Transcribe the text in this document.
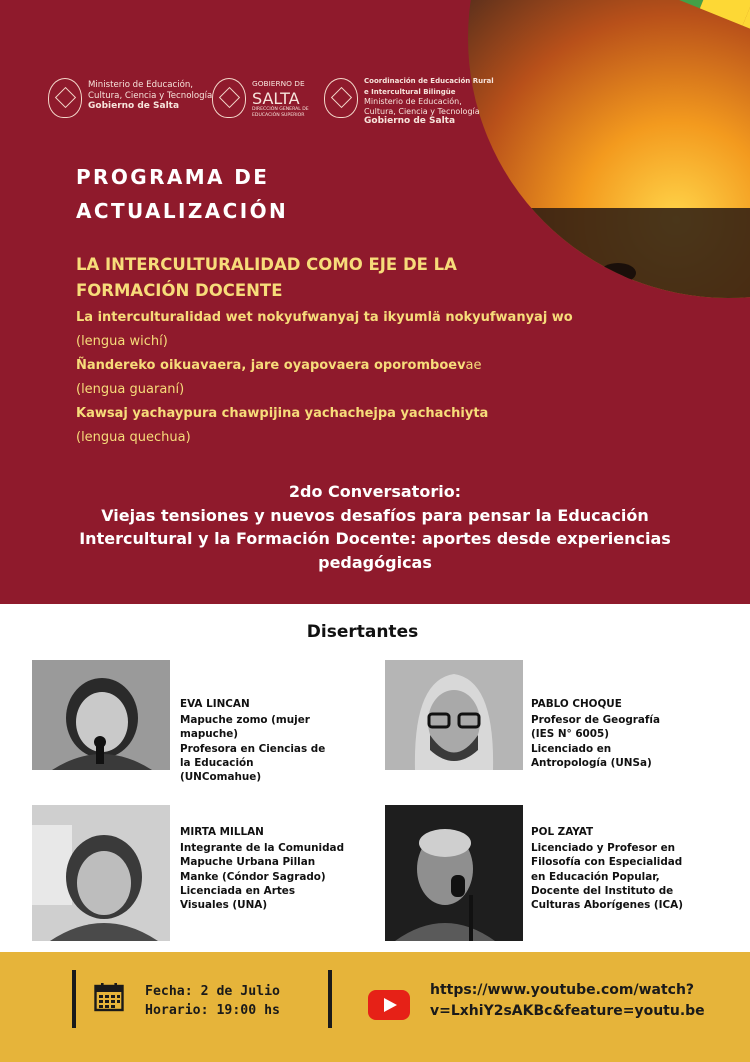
Ministerio de Educación,
Cultura, Ciencia y Tecnología
Gobierno de Salta
GOBIERNO DE
SALTA
DIRECCIÓN GENERAL DE
EDUCACIÓN SUPERIOR
Coordinación de Educación Rural
e Intercultural Bilingüe
Ministerio de Educación,
Cultura, Ciencia y Tecnología
Gobierno de Salta
PROGRAMA DE
ACTUALIZACIÓN
LA INTERCULTURALIDAD COMO EJE DE LA
FORMACIÓN DOCENTE
La interculturalidad wet nokyufwanyaj ta ikyumlä nokyufwanyaj wo
(lengua wichí)
Ñandereko oikuavaera, jare oyapovaera oporomboevae
(lengua guaraní)
Kawsaj yachaypura chawpijina yachachejpa yachachiyta
(lengua quechua)
2do Conversatorio:
Viejas tensiones y nuevos desafíos para pensar la Educación
Intercultural y la Formación Docente: aportes desde experiencias
pedagógicas
Disertantes
EVA LINCAN
Mapuche zomo (mujer
mapuche)
Profesora en Ciencias de
la Educación
(UNComahue)
PABLO CHOQUE
Profesor de Geografía
(IES N° 6005)
Licenciado en
Antropología (UNSa)
MIRTA MILLAN
Integrante de la Comunidad
Mapuche Urbana Pillan
Manke (Cóndor Sagrado)
Licenciada en Artes
Visuales (UNA)
POL ZAYAT
Licenciado y Profesor en
Filosofía con Especialidad
en Educación Popular,
Docente del Instituto de
Culturas Aborígenes (ICA)
Fecha: 2 de Julio
Horario: 19:00 hs
https://www.youtube.com/watch?
v=LxhiY2sAKBc&feature=youtu.be
